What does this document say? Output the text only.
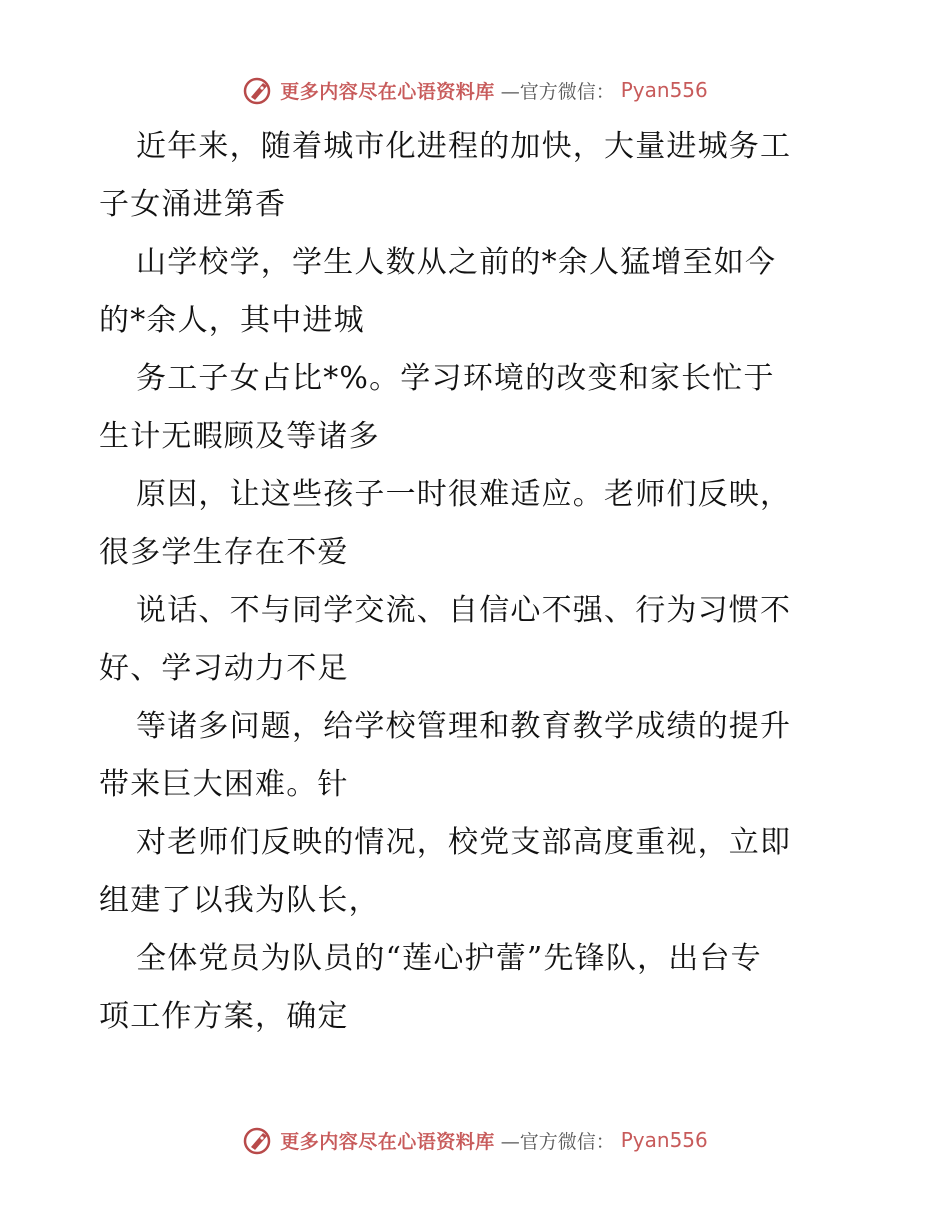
更多内容尽在心语资料库 —官方微信： Pyan556
近年来，随着城市化进程的加快，大量进城务工
子女涌进第香
山学校学，学生人数从之前的*余人猛增至如今
的*余人，其中进城
务工子女占比*%。学习环境的改变和家长忙于
生计无暇顾及等诸多
原因，让这些孩子一时很难适应。老师们反映，
很多学生存在不爱
说话、不与同学交流、自信心不强、行为习惯不
好、学习动力不足
等诸多问题，给学校管理和教育教学成绩的提升
带来巨大困难。针
对老师们反映的情况，校党支部高度重视，立即
组建了以我为队长，
全体党员为队员的“莲心护蕾”先锋队，出台专
项工作方案，确定
更多内容尽在心语资料库 —官方微信： Pyan556
